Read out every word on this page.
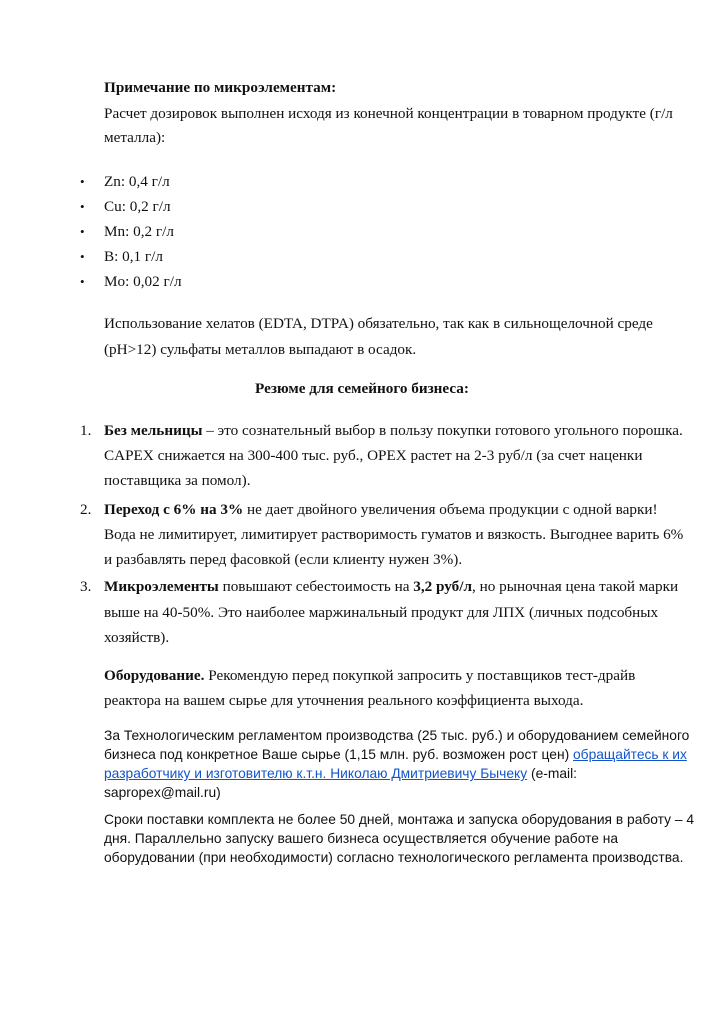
Примечание по микроэлементам:
Расчет дозировок выполнен исходя из конечной концентрации в товарном продукте (г/л
металла):
• Zn: 0,4 г/л
• Cu: 0,2 г/л
• Mn: 0,2 г/л
• B: 0,1 г/л
• Mo: 0,02 г/л
Использование хелатов (EDTA, DTPA) обязательно, так как в сильнощелочной среде
(pH>12) сульфаты металлов выпадают в осадок.
Резюме для семейного бизнеса:
1. Без мельницы – это сознательный выбор в пользу покупки готового угольного порошка.
CAPEX снижается на 300-400 тыс. руб., OPEX растет на 2-3 руб/л (за счет наценки
поставщика за помол).
2. Переход с 6% на 3% не дает двойного увеличения объема продукции с одной варки!
Вода не лимитирует, лимитирует растворимость гуматов и вязкость. Выгоднее варить 6%
и разбавлять перед фасовкой (если клиенту нужен 3%).
3. Микроэлементы повышают себестоимость на 3,2 руб/л, но рыночная цена такой марки
выше на 40-50%. Это наиболее маржинальный продукт для ЛПХ (личных подсобных
хозяйств).
Оборудование. Рекомендую перед покупкой запросить у поставщиков тест-драйв
реактора на вашем сырье для уточнения реального коэффициента выхода.
За Технологическим регламентом производства (25 тыс. руб.) и оборудованием семейного
бизнеса под конкретное Ваше сырье (1,15 млн. руб. возможен рост цен) обращайтесь к их
разработчику и изготовителю к.т.н. Николаю Дмитриевичу Бычеку (e-mail:
sapropex@mail.ru)
Сроки поставки комплекта не более 50 дней, монтажа и запуска оборудования в работу – 4
дня. Параллельно запуску вашего бизнеса осуществляется обучение работе на
оборудовании (при необходимости) согласно технологического регламента производства.
